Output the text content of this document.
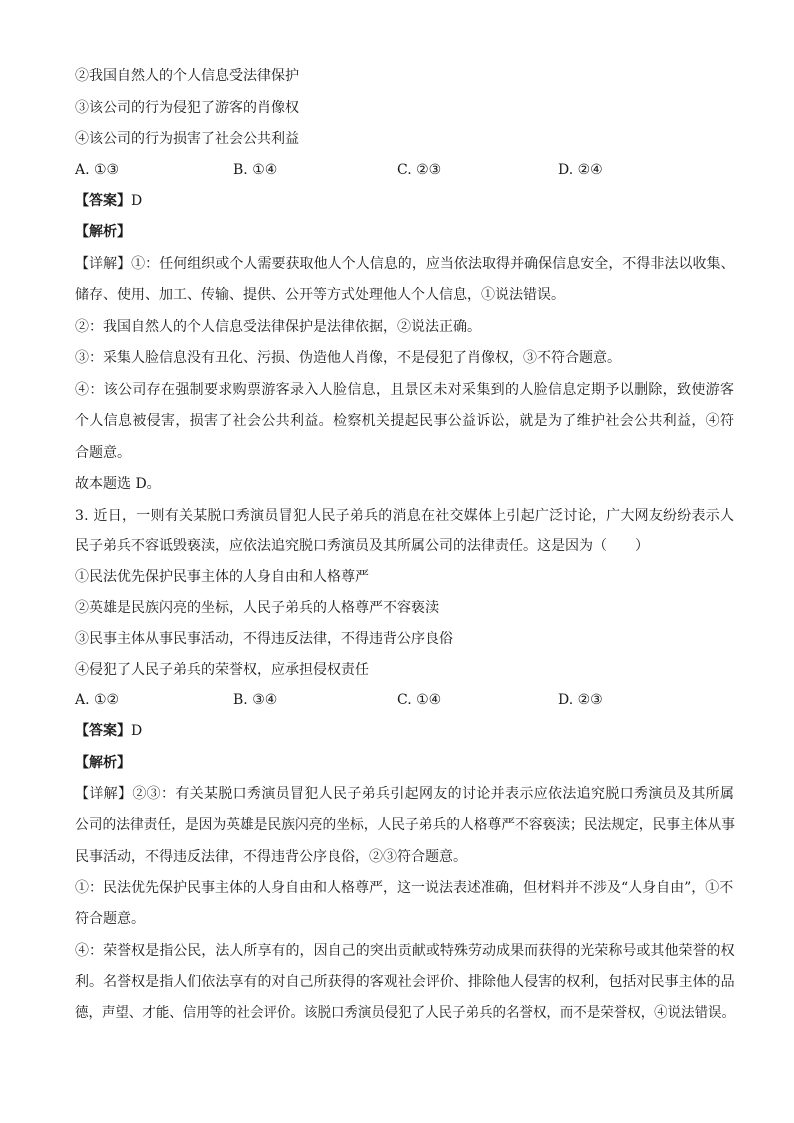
②我国自然人的个人信息受法律保护
③该公司的行为侵犯了游客的肖像权
④该公司的行为损害了社会公共利益
A. ①③	B. ①④	C. ②③	D. ②④
【答案】D
【解析】
【详解】①：任何组织或个人需要获取他人个人信息的，应当依法取得并确保信息安全，不得非法以收集、
储存、使用、加工、传输、提供、公开等方式处理他人个人信息，①说法错误。
②：我国自然人的个人信息受法律保护是法律依据，②说法正确。
③：采集人脸信息没有丑化、污损、伪造他人肖像，不是侵犯了肖像权，③不符合题意。
④：该公司存在强制要求购票游客录入人脸信息，且景区未对采集到的人脸信息定期予以删除，致使游客
个人信息被侵害，损害了社会公共利益。检察机关提起民事公益诉讼，就是为了维护社会公共利益，④符
合题意。
故本题选 D。
3. 近日，一则有关某脱口秀演员冒犯人民子弟兵的消息在社交媒体上引起广泛讨论，广大网友纷纷表示人
民子弟兵不容诋毁亵渎，应依法追究脱口秀演员及其所属公司的法律责任。这是因为（　　）
①民法优先保护民事主体的人身自由和人格尊严
②英雄是民族闪亮的坐标，人民子弟兵的人格尊严不容亵渎
③民事主体从事民事活动，不得违反法律，不得违背公序良俗
④侵犯了人民子弟兵的荣誉权，应承担侵权责任
A. ①②	B. ③④	C. ①④	D. ②③
【答案】D
【解析】
【详解】②③：有关某脱口秀演员冒犯人民子弟兵引起网友的讨论并表示应依法追究脱口秀演员及其所属
公司的法律责任，是因为英雄是民族闪亮的坐标，人民子弟兵的人格尊严不容亵渎；民法规定，民事主体从事
民事活动，不得违反法律，不得违背公序良俗，②③符合题意。
①：民法优先保护民事主体的人身自由和人格尊严，这一说法表述准确，但材料并不涉及“人身自由”，①不
符合题意。
④：荣誉权是指公民，法人所享有的，因自己的突出贡献或特殊劳动成果而获得的光荣称号或其他荣誉的权
利。名誉权是指人们依法享有的对自己所获得的客观社会评价、排除他人侵害的权利，包括对民事主体的品
德，声望、才能、信用等的社会评价。该脱口秀演员侵犯了人民子弟兵的名誉权，而不是荣誉权，④说法错误。
